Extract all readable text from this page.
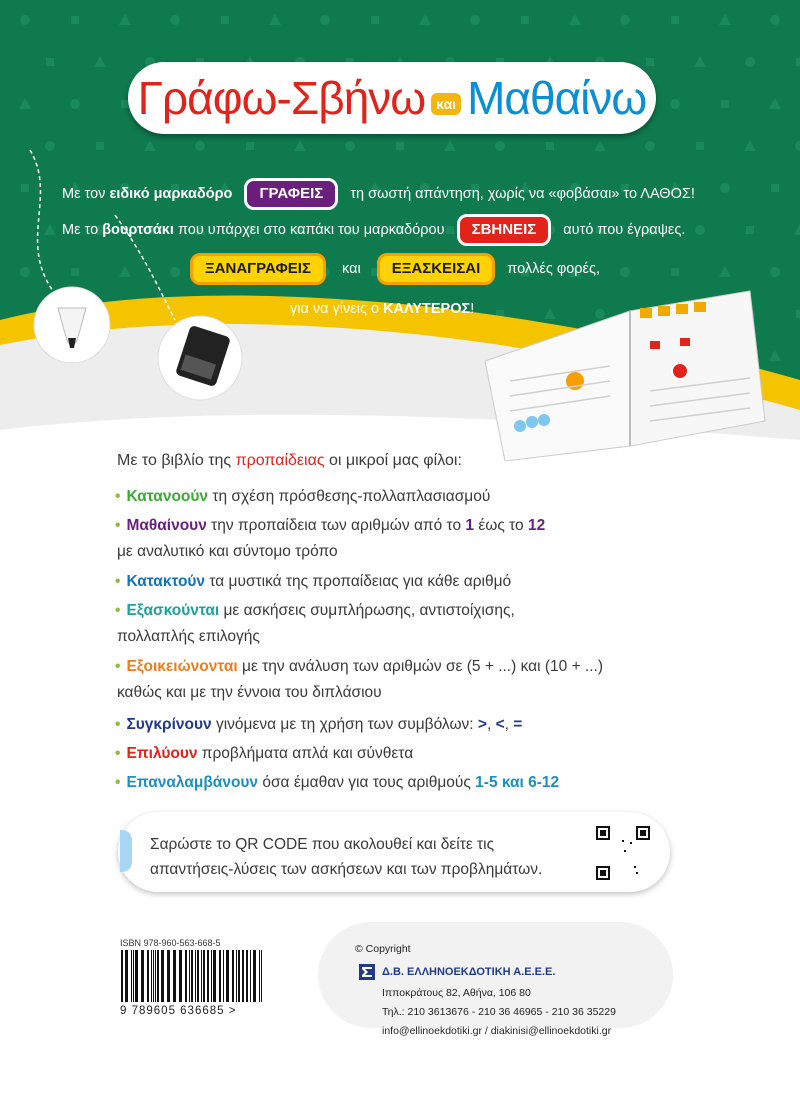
Γράφω-Σβήνω και Μαθαίνω
Με τον ειδικό μαρκαδόρο ΓΡΑΦΕΙΣ τη σωστή απάντηση, χωρίς να «φοβάσαι» το ΛΑΘΟΣ!
Με το βουρτσάκι που υπάρχει στο καπάκι του μαρκαδόρου ΣΒΗΝΕΙΣ αυτό που έγραψες.
ΞΑΝΑΓΡΑΦΕΙΣ και ΕΞΑΣΚΕΙΣΑΙ πολλές φορές,
για να γίνεις ο ΚΑΛΥΤΕΡΟΣ!
Με το βιβλίο της προπαίδειας οι μικροί μας φίλοι:
• Κατανοούν τη σχέση πρόσθεσης-πολλαπλασιασμού
• Μαθαίνουν την προπαίδεια των αριθμών από το 1 έως το 12
με αναλυτικό και σύντομο τρόπο
• Κατακτούν τα μυστικά της προπαίδειας για κάθε αριθμό
• Εξασκούνται με ασκήσεις συμπλήρωσης, αντιστοίχισης,
πολλαπλής επιλογής
• Εξοικειώνονται με την ανάλυση των αριθμών σε (5 + ...) και (10 + ...)
καθώς και με την έννοια του διπλάσιου
• Συγκρίνουν γινόμενα με τη χρήση των συμβόλων: >, <, =
• Επιλύουν προβλήματα απλά και σύνθετα
• Επαναλαμβάνουν όσα έμαθαν για τους αριθμούς 1-5 και 6-12
Σαρώστε το QR CODE που ακολουθεί και δείτε τις
απαντήσεις-λύσεις των ασκήσεων και των προβλημάτων.
ISBN 978-960-563-668-5
9 789605 636685 >
© Copyright
Δ.Β. ΕΛΛΗΝΟΕΚΔΟΤΙΚΗ Α.Ε.Ε.Ε.
Ιπποκράτους 82, Αθήνα, 106 80
Τηλ.: 210 3613676 - 210 36 46965 - 210 36 35229
info@ellinoekdotiki.gr / diakinisi@ellinoekdotiki.gr
